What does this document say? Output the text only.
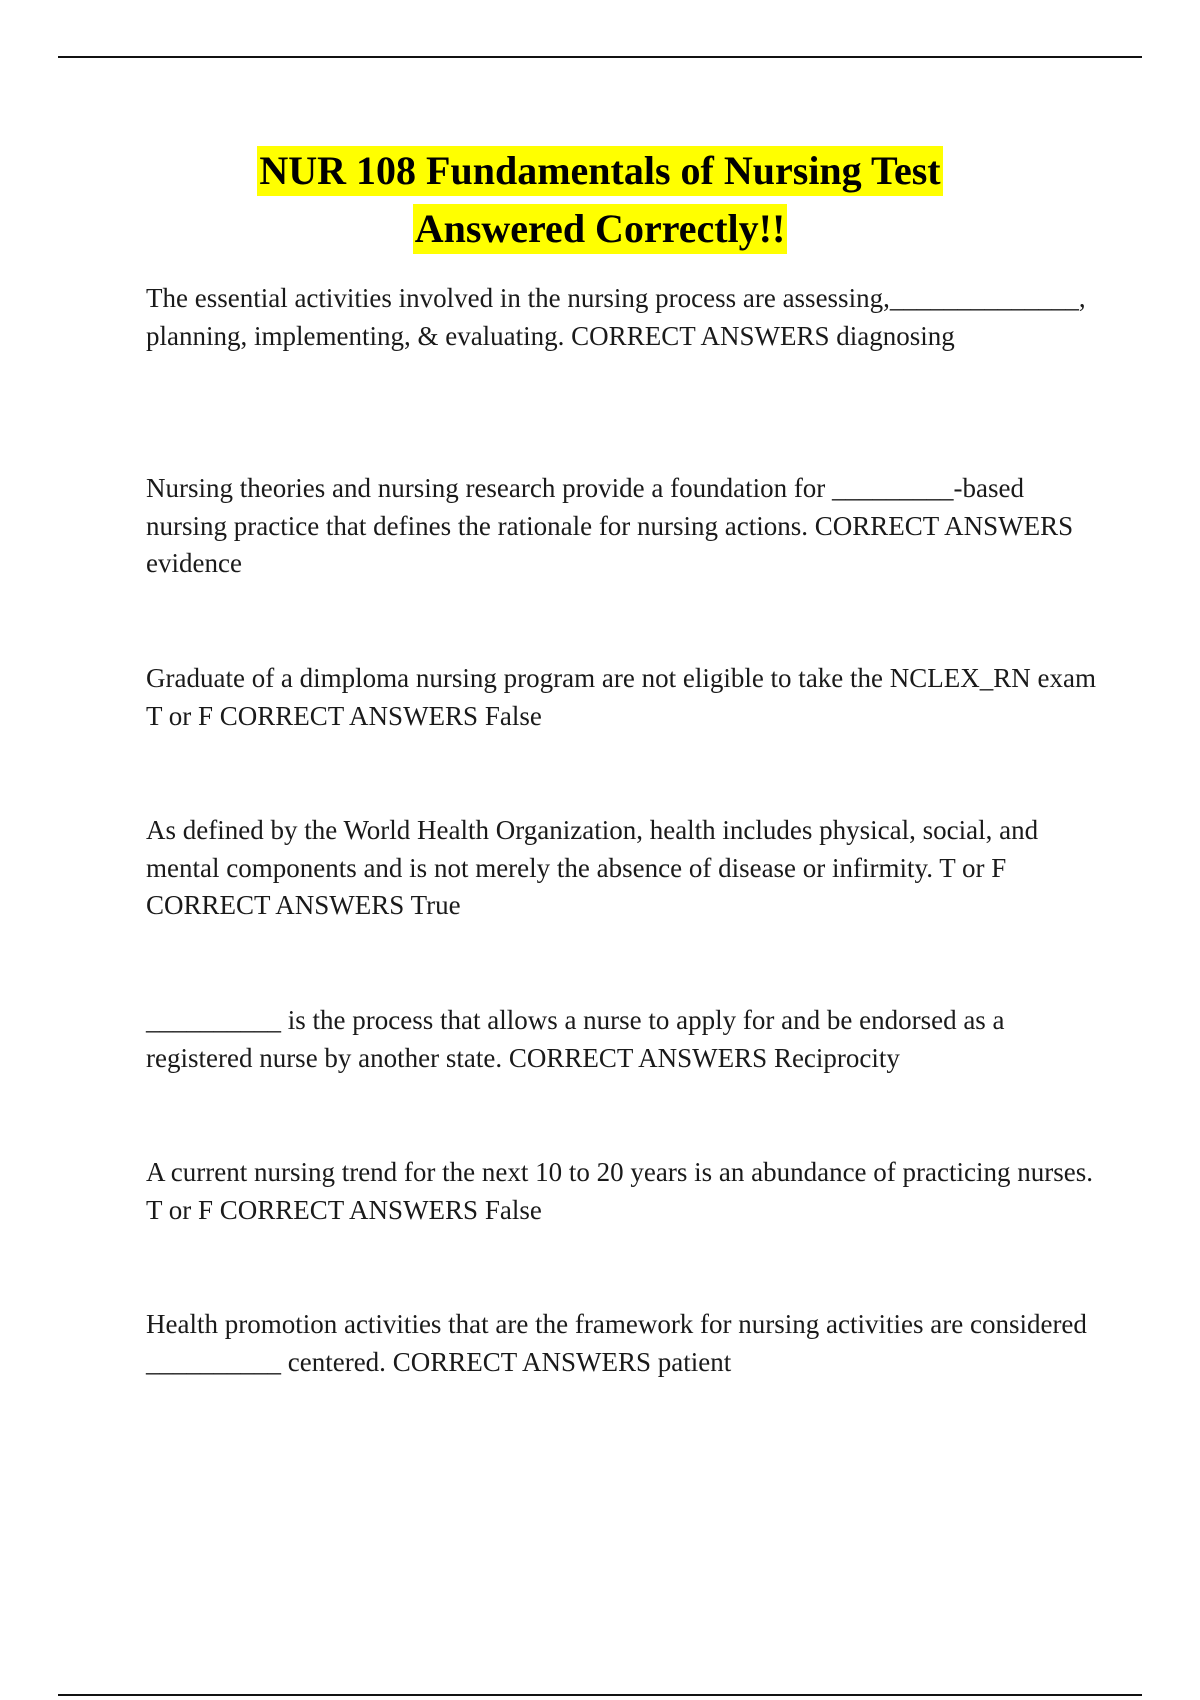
NUR 108 Fundamentals of Nursing Test
Answered Correctly!!

The essential activities involved in the nursing process are assessing,______________, planning, implementing, & evaluating. CORRECT ANSWERS diagnosing

Nursing theories and nursing research provide a foundation for _________-based nursing practice that defines the rationale for nursing actions. CORRECT ANSWERS evidence

Graduate of a dimploma nursing program are not eligible to take the NCLEX_RN exam T or F CORRECT ANSWERS False

As defined by the World Health Organization, health includes physical, social, and mental components and is not merely the absence of disease or infirmity. T or F CORRECT ANSWERS True

__________ is the process that allows a nurse to apply for and be endorsed as a registered nurse by another state. CORRECT ANSWERS Reciprocity

A current nursing trend for the next 10 to 20 years is an abundance of practicing nurses. T or F CORRECT ANSWERS False

Health promotion activities that are the framework for nursing activities are considered __________ centered. CORRECT ANSWERS patient
